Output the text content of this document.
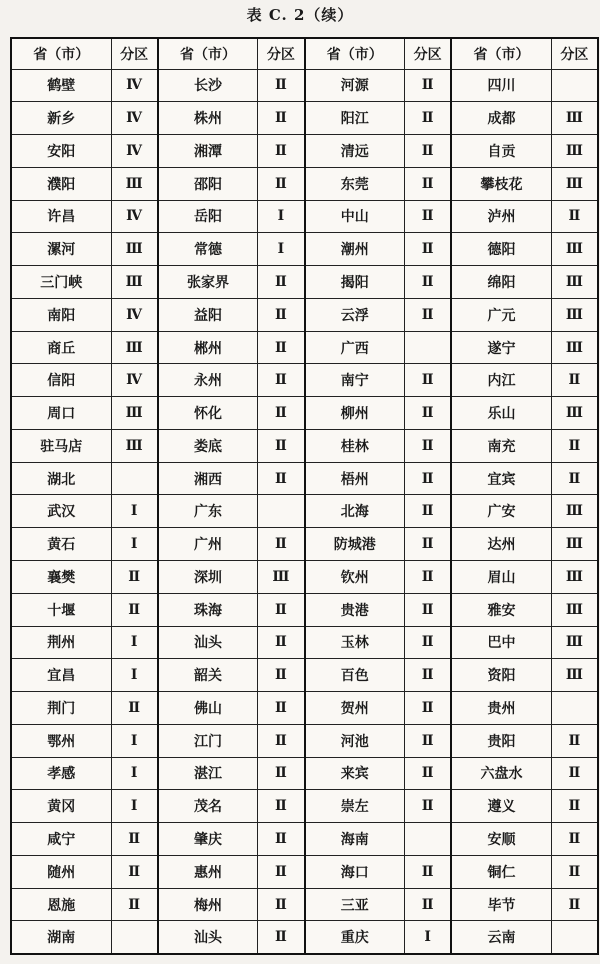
表 C. 2（续）
省（市）	分区	省（市）	分区	省（市）	分区	省（市）	分区
鹤壁	Ⅳ	长沙	Ⅱ	河源	Ⅱ	四川	
新乡	Ⅳ	株州	Ⅱ	阳江	Ⅱ	成都	Ⅲ
安阳	Ⅳ	湘潭	Ⅱ	清远	Ⅱ	自贡	Ⅲ
濮阳	Ⅲ	邵阳	Ⅱ	东莞	Ⅱ	攀枝花	Ⅲ
许昌	Ⅳ	岳阳	Ⅰ	中山	Ⅱ	泸州	Ⅱ
漯河	Ⅲ	常德	Ⅰ	潮州	Ⅱ	德阳	Ⅲ
三门峡	Ⅲ	张家界	Ⅱ	揭阳	Ⅱ	绵阳	Ⅲ
南阳	Ⅳ	益阳	Ⅱ	云浮	Ⅱ	广元	Ⅲ
商丘	Ⅲ	郴州	Ⅱ	广西		遂宁	Ⅲ
信阳	Ⅳ	永州	Ⅱ	南宁	Ⅱ	内江	Ⅱ
周口	Ⅲ	怀化	Ⅱ	柳州	Ⅱ	乐山	Ⅲ
驻马店	Ⅲ	娄底	Ⅱ	桂林	Ⅱ	南充	Ⅱ
湖北		湘西	Ⅱ	梧州	Ⅱ	宜宾	Ⅱ
武汉	Ⅰ	广东		北海	Ⅱ	广安	Ⅲ
黄石	Ⅰ	广州	Ⅱ	防城港	Ⅱ	达州	Ⅲ
襄樊	Ⅱ	深圳	Ⅲ	钦州	Ⅱ	眉山	Ⅲ
十堰	Ⅱ	珠海	Ⅱ	贵港	Ⅱ	雅安	Ⅲ
荆州	Ⅰ	汕头	Ⅱ	玉林	Ⅱ	巴中	Ⅲ
宜昌	Ⅰ	韶关	Ⅱ	百色	Ⅱ	资阳	Ⅲ
荆门	Ⅱ	佛山	Ⅱ	贺州	Ⅱ	贵州	
鄂州	Ⅰ	江门	Ⅱ	河池	Ⅱ	贵阳	Ⅱ
孝感	Ⅰ	湛江	Ⅱ	来宾	Ⅱ	六盘水	Ⅱ
黄冈	Ⅰ	茂名	Ⅱ	崇左	Ⅱ	遵义	Ⅱ
咸宁	Ⅱ	肇庆	Ⅱ	海南		安顺	Ⅱ
随州	Ⅱ	惠州	Ⅱ	海口	Ⅱ	铜仁	Ⅱ
恩施	Ⅱ	梅州	Ⅱ	三亚	Ⅱ	毕节	Ⅱ
湖南		汕头	Ⅱ	重庆	Ⅰ	云南	
